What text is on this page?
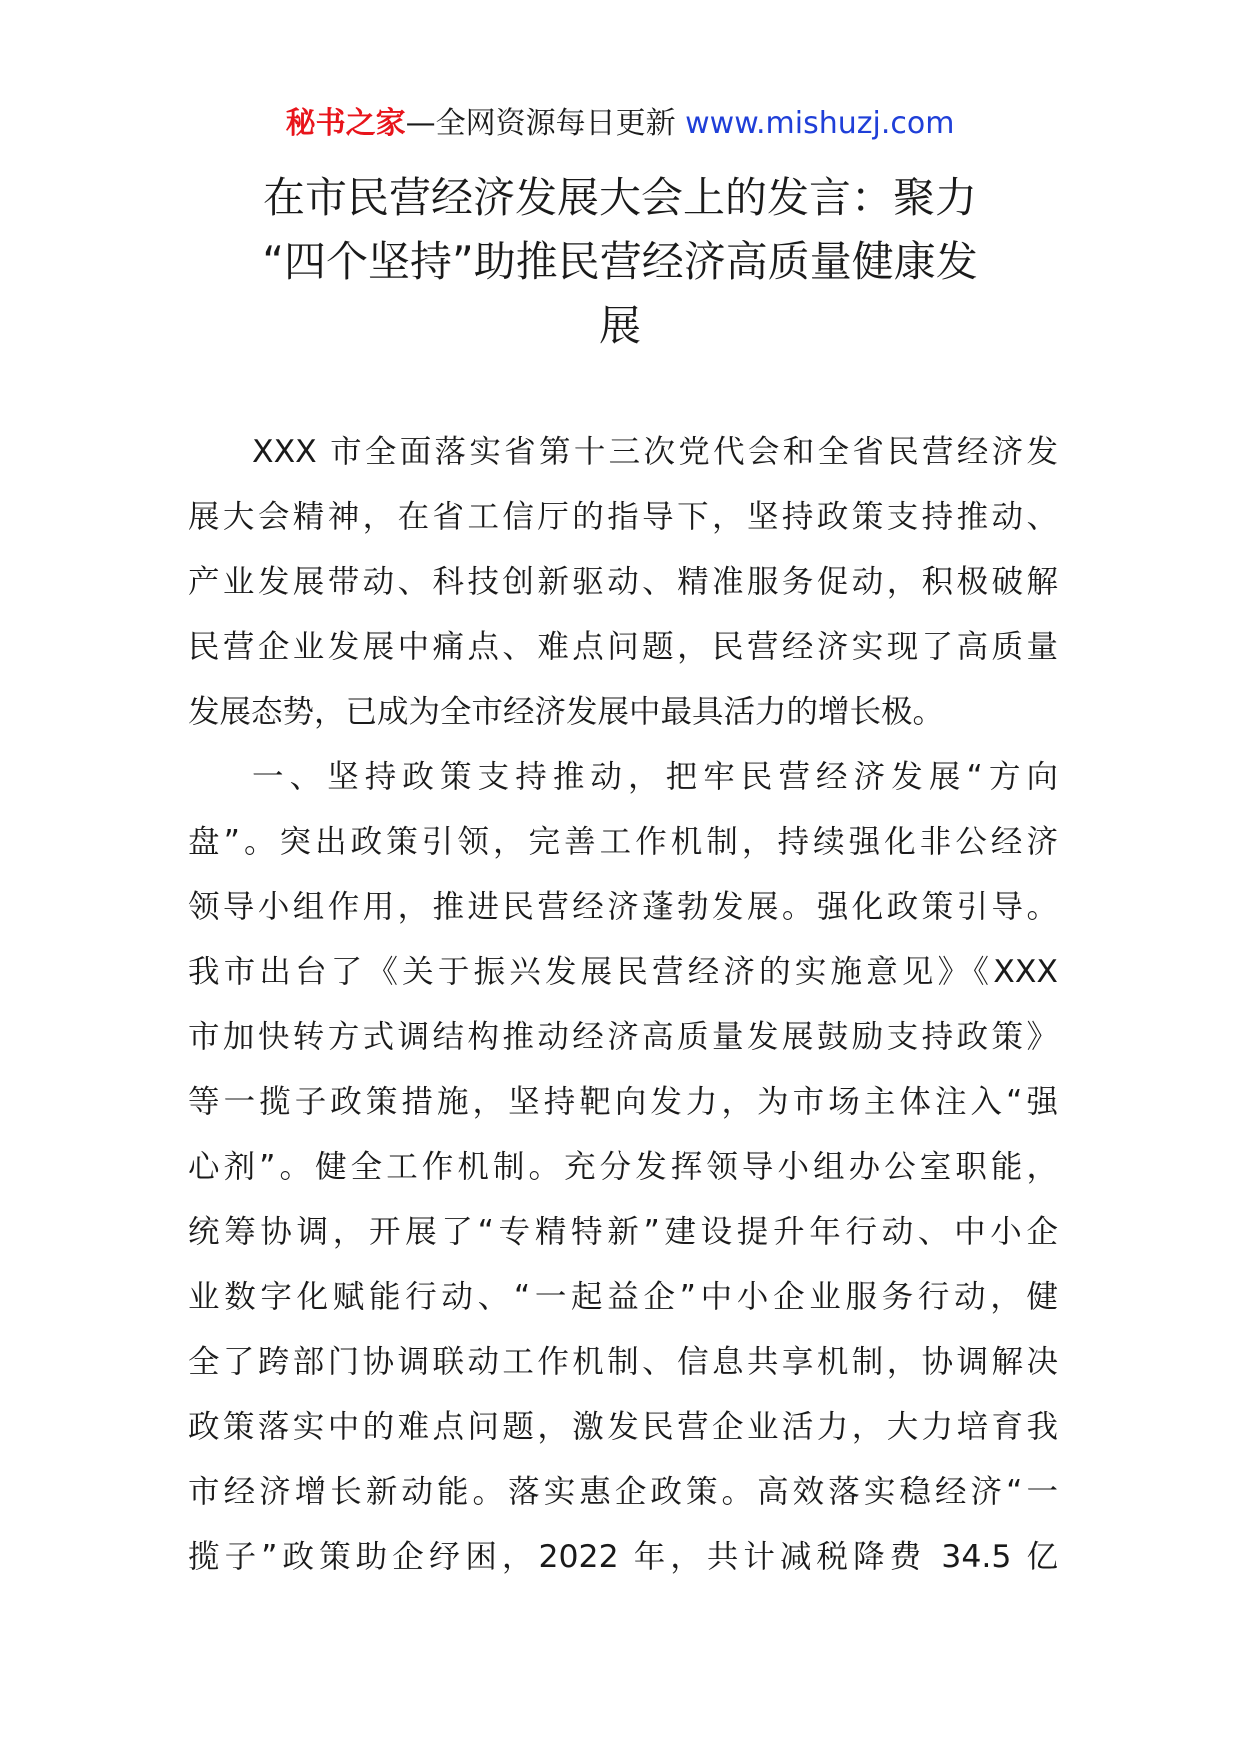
秘书之家—全网资源每日更新 www.mishuzj.com
在市民营经济发展大会上的发言：聚力
“四个坚持”助推民营经济高质量健康发
展
XXX 市全面落实省第十三次党代会和全省民营经济发
展大会精神，在省工信厅的指导下，坚持政策支持推动、
产业发展带动、科技创新驱动、精准服务促动，积极破解
民营企业发展中痛点、难点问题，民营经济实现了高质量
发展态势，已成为全市经济发展中最具活力的增长极。
一、坚持政策支持推动，把牢民营经济发展“方向
盘”。突出政策引领，完善工作机制，持续强化非公经济
领导小组作用，推进民营经济蓬勃发展。强化政策引导。
我市出台了《关于振兴发展民营经济的实施意见》《XXX
市加快转方式调结构推动经济高质量发展鼓励支持政策》
等一揽子政策措施，坚持靶向发力，为市场主体注入“强
心剂”。健全工作机制。充分发挥领导小组办公室职能，
统筹协调，开展了“专精特新”建设提升年行动、中小企
业数字化赋能行动、“一起益企”中小企业服务行动，健
全了跨部门协调联动工作机制、信息共享机制，协调解决
政策落实中的难点问题，激发民营企业活力，大力培育我
市经济增长新动能。落实惠企政策。高效落实稳经济“一
揽子”政策助企纾困，2022 年，共计减税降费 34.5 亿
